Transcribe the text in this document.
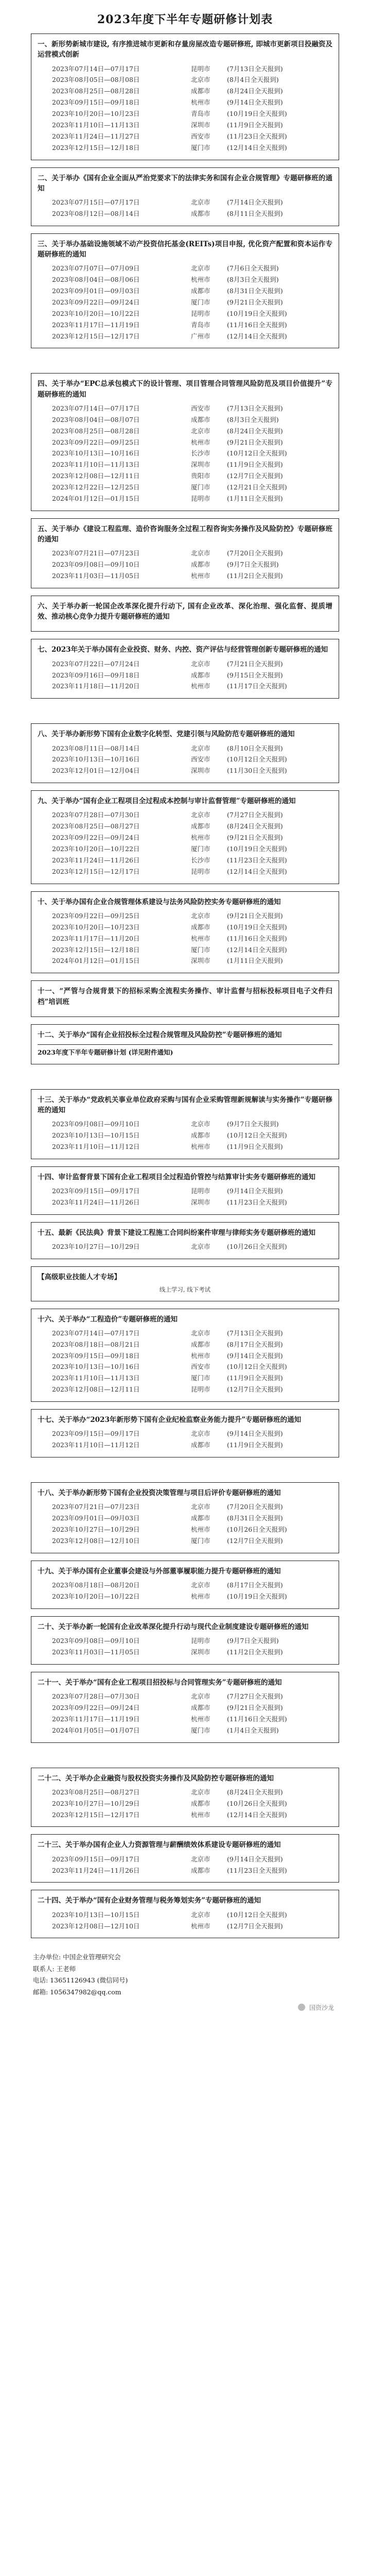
2023年度下半年专题研修计划表
一、新形势新城市建设, 有序推进城市更新和存量房屋改造专题研修班, 即城市更新项目投融资及运营模式创新
2023年07月14日—07月17日	昆明市	(7月13日全天报到)
2023年08月05日—08月08日	北京市	(8月4日全天报到)
2023年08月25日—08月28日	成都市	(8月24日全天报到)
2023年09月15日—09月18日	杭州市	(9月14日全天报到)
2023年10月20日—10月23日	青岛市	(10月19日全天报到)
2023年11月10日—11月13日	深圳市	(11月9日全天报到)
2023年11月24日—11月27日	西安市	(11月23日全天报到)
2023年12月15日—12月18日	厦门市	(12月14日全天报到)
二、关于举办《国有企业全面从严治党要求下的法律实务和国有企业合规管理》专题研修班的通知
2023年07月15日—07月17日	北京市	(7月14日全天报到)
2023年08月12日—08月14日	成都市	(8月11日全天报到)
三、关于举办基础设施领域不动产投资信托基金(REITs)项目申报, 优化资产配置和资本运作专题研修班的通知
2023年07月07日—07月09日	北京市	(7月6日全天报到)
2023年08月04日—08月06日	杭州市	(8月3日全天报到)
2023年09月01日—09月03日	成都市	(8月31日全天报到)
2023年09月22日—09月24日	厦门市	(9月21日全天报到)
2023年10月20日—10月22日	昆明市	(10月19日全天报到)
2023年11月17日—11月19日	青岛市	(11月16日全天报到)
2023年12月15日—12月17日	广州市	(12月14日全天报到)
四、关于举办“EPC总承包模式下的设计管理、项目管理合同管理风险防范及项目价值提升”专题研修班的通知
2023年07月14日—07月17日	西安市	(7月13日全天报到)
2023年08月04日—08月07日	成都市	(8月3日全天报到)
2023年08月25日—08月28日	北京市	(8月24日全天报到)
2023年09月22日—09月25日	杭州市	(9月21日全天报到)
2023年10月13日—10月16日	长沙市	(10月12日全天报到)
2023年11月10日—11月13日	深圳市	(11月9日全天报到)
2023年12月08日—12月11日	贵阳市	(12月7日全天报到)
2023年12月22日—12月25日	厦门市	(12月21日全天报到)
2024年01月12日—01月15日	昆明市	(1月11日全天报到)
五、关于举办《建设工程监理、造价咨询服务全过程工程咨询实务操作及风险防控》专题研修班的通知
2023年07月21日—07月23日	北京市	(7月20日全天报到)
2023年09月08日—09月10日	成都市	(9月7日全天报到)
2023年11月03日—11月05日	杭州市	(11月2日全天报到)
六、关于举办新一轮国企改革深化提升行动下, 国有企业改革、深化治理、强化监督、提质增效、推动核心竞争力提升专题研修班的通知
七、2023年关于举办国有企业投资、财务、内控、资产评估与经营管理创新专题研修班的通知
2023年07月22日—07月24日	北京市	(7月21日全天报到)
2023年09月16日—09月18日	成都市	(9月15日全天报到)
2023年11月18日—11月20日	杭州市	(11月17日全天报到)
八、关于举办新形势下国有企业数字化转型、党建引领与风险防范专题研修班的通知
2023年08月11日—08月14日	北京市	(8月10日全天报到)
2023年10月13日—10月16日	西安市	(10月12日全天报到)
2023年12月01日—12月04日	深圳市	(11月30日全天报到)
九、关于举办“国有企业工程项目全过程成本控制与审计监督管理”专题研修班的通知
2023年07月28日—07月30日	北京市	(7月27日全天报到)
2023年08月25日—08月27日	成都市	(8月24日全天报到)
2023年09月22日—09月24日	杭州市	(9月21日全天报到)
2023年10月20日—10月22日	厦门市	(10月19日全天报到)
2023年11月24日—11月26日	长沙市	(11月23日全天报到)
2023年12月15日—12月17日	昆明市	(12月14日全天报到)
十、关于举办国有企业合规管理体系建设与法务风险防控实务专题研修班的通知
2023年09月22日—09月25日	北京市	(9月21日全天报到)
2023年10月20日—10月23日	成都市	(10月19日全天报到)
2023年11月17日—11月20日	杭州市	(11月16日全天报到)
2023年12月15日—12月18日	厦门市	(12月14日全天报到)
2024年01月12日—01月15日	深圳市	(1月11日全天报到)
十一、“严管与合规背景下的招标采购全流程实务操作、审计监督与招标投标项目电子文件归档”培训班
十二、关于举办“国有企业招投标全过程合规管理及风险防控”专题研修班的通知
2023年度下半年专题研修计划 (详见附件通知)
十三、关于举办“党政机关事业单位政府采购与国有企业采购管理新规解读与实务操作”专题研修班的通知
2023年09月08日—09月10日	北京市	(9月7日全天报到)
2023年10月13日—10月15日	成都市	(10月12日全天报到)
2023年11月10日—11月12日	杭州市	(11月9日全天报到)
十四、审计监督背景下国有企业工程项目全过程造价管控与结算审计实务专题研修班的通知
2023年09月15日—09月17日	昆明市	(9月14日全天报到)
2023年11月24日—11月26日	深圳市	(11月23日全天报到)
十五、最新《民法典》背景下建设工程施工合同纠纷案件审理与律师实务专题研修班的通知
2023年10月27日—10月29日	北京市	(10月26日全天报到)
【高级职业技能人才专场】
线上学习, 线下考试
十六、关于举办“工程造价”专题研修班的通知
2023年07月14日—07月17日	北京市	(7月13日全天报到)
2023年08月18日—08月21日	成都市	(8月17日全天报到)
2023年09月15日—09月18日	杭州市	(9月14日全天报到)
2023年10月13日—10月16日	西安市	(10月12日全天报到)
2023年11月10日—11月13日	厦门市	(11月9日全天报到)
2023年12月08日—12月11日	昆明市	(12月7日全天报到)
十七、关于举办“2023年新形势下国有企业纪检监察业务能力提升”专题研修班的通知
2023年09月15日—09月17日	北京市	(9月14日全天报到)
2023年11月10日—11月12日	成都市	(11月9日全天报到)
十八、关于举办新形势下国有企业投资决策管理与项目后评价专题研修班的通知
2023年07月21日—07月23日	北京市	(7月20日全天报到)
2023年09月01日—09月03日	成都市	(8月31日全天报到)
2023年10月27日—10月29日	杭州市	(10月26日全天报到)
2023年12月08日—12月10日	厦门市	(12月7日全天报到)
十九、关于举办国有企业董事会建设与外部董事履职能力提升专题研修班的通知
2023年08月18日—08月20日	北京市	(8月17日全天报到)
2023年10月20日—10月22日	杭州市	(10月19日全天报到)
二十、关于举办新一轮国有企业改革深化提升行动与现代企业制度建设专题研修班的通知
2023年09月08日—09月10日	昆明市	(9月7日全天报到)
2023年11月03日—11月05日	深圳市	(11月2日全天报到)
二十一、关于举办“国有企业工程项目招投标与合同管理实务”专题研修班的通知
2023年07月28日—07月30日	北京市	(7月27日全天报到)
2023年09月22日—09月24日	成都市	(9月21日全天报到)
2023年11月17日—11月19日	杭州市	(11月16日全天报到)
2024年01月05日—01月07日	厦门市	(1月4日全天报到)
二十二、关于举办企业融资与股权投资实务操作及风险防控专题研修班的通知
2023年08月25日—08月27日	北京市	(8月24日全天报到)
2023年10月27日—10月29日	成都市	(10月26日全天报到)
2023年12月15日—12月17日	杭州市	(12月14日全天报到)
二十三、关于举办国有企业人力资源管理与薪酬绩效体系建设专题研修班的通知
2023年09月15日—09月17日	北京市	(9月14日全天报到)
2023年11月24日—11月26日	成都市	(11月23日全天报到)
二十四、关于举办“国有企业财务管理与税务筹划实务”专题研修班的通知
2023年10月13日—10月15日	北京市	(10月12日全天报到)
2023年12月08日—12月10日	杭州市	(12月7日全天报到)

主办单位: 中国企业管理研究会

联系人: 王老师

电话: 13651126943 (微信同号)

邮箱: 1056347982@qq.com

国资沙龙
